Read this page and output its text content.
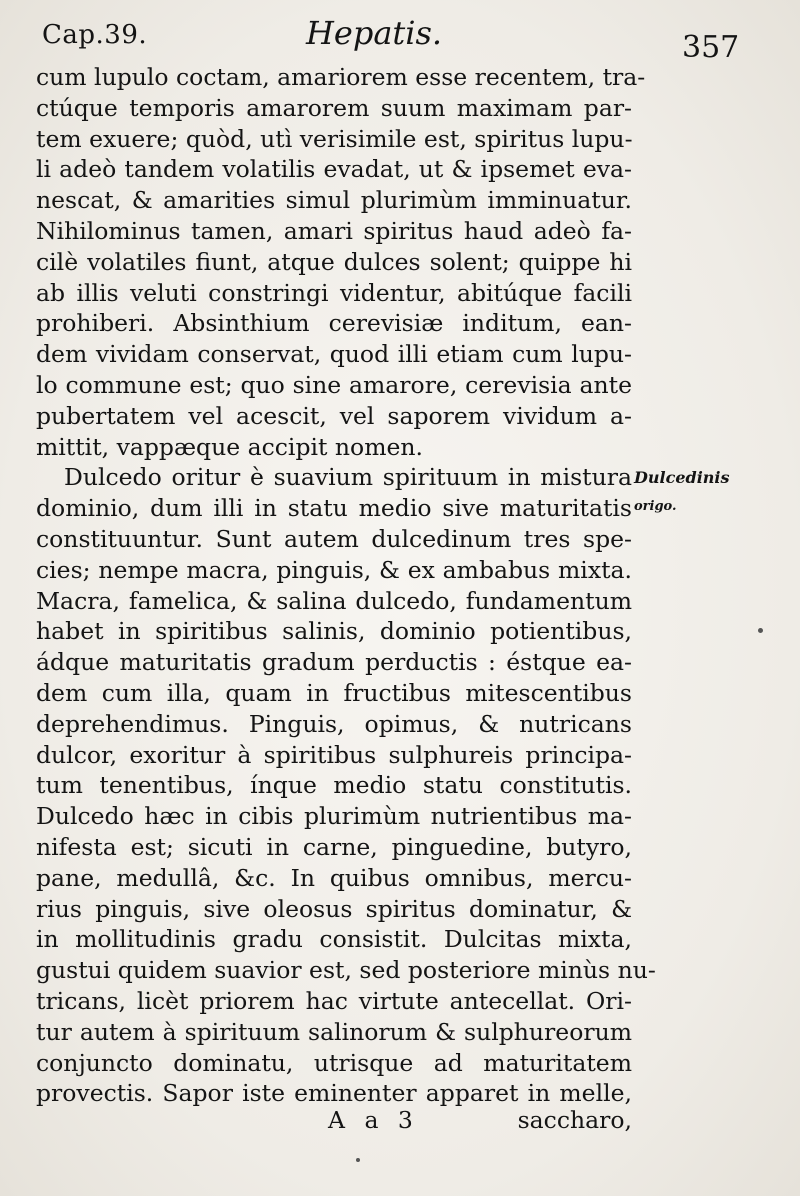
Cap.39.	Hepatis.	357
cum lupulo coctam, amariorem esse recentem, tra-
ctúque temporis amarorem suum maximam par-
tem exuere; quòd, utì verisimile est, spiritus lupu-
li adeò tandem volatilis evadat, ut & ipsemet eva-
nescat, & amarities simul plurimùm imminuatur.
Nihilominus tamen, amari spiritus haud adeò fa-
cilè volatiles fiunt, atque dulces solent; quippe hi
ab illis veluti constringi videntur, abitúque facili
prohiberi. Absinthium cerevisiæ inditum, ean-
dem vividam conservat, quod illi etiam cum lupu-
lo commune est; quo sine amarore, cerevisia ante
pubertatem vel acescit, vel saporem vividum a-
mittit, vappæque accipit nomen.
Dulcedo oritur è suavium spirituum in mistura
dominio, dum illi in statu medio sive maturitatis
constituuntur. Sunt autem dulcedinum tres spe-
cies; nempe macra, pinguis, & ex ambabus mixta.
Macra, famelica, & salina dulcedo, fundamentum
habet in spiritibus salinis, dominio potientibus,
ádque maturitatis gradum perductis : éstque ea-
dem cum illa, quam in fructibus mitescentibus
deprehendimus. Pinguis, opimus, & nutricans
dulcor, exoritur à spiritibus sulphureis principa-
tum tenentibus, ínque medio statu constitutis.
Dulcedo hæc in cibis plurimùm nutrientibus ma-
nifesta est; sicuti in carne, pinguedine, butyro,
pane, medullâ, &c. In quibus omnibus, mercu-
rius pinguis, sive oleosus spiritus dominatur, &
in mollitudinis gradu consistit. Dulcitas mixta,
gustui quidem suavior est, sed posteriore minùs nu-
tricans, licèt priorem hac virtute antecellat. Ori-
tur autem à spirituum salinorum & sulphureorum
conjuncto dominatu, utrisque ad maturitatem
provectis. Sapor iste eminenter apparet in melle,
Dulcedinis
origo.
A a 3	saccharo,
